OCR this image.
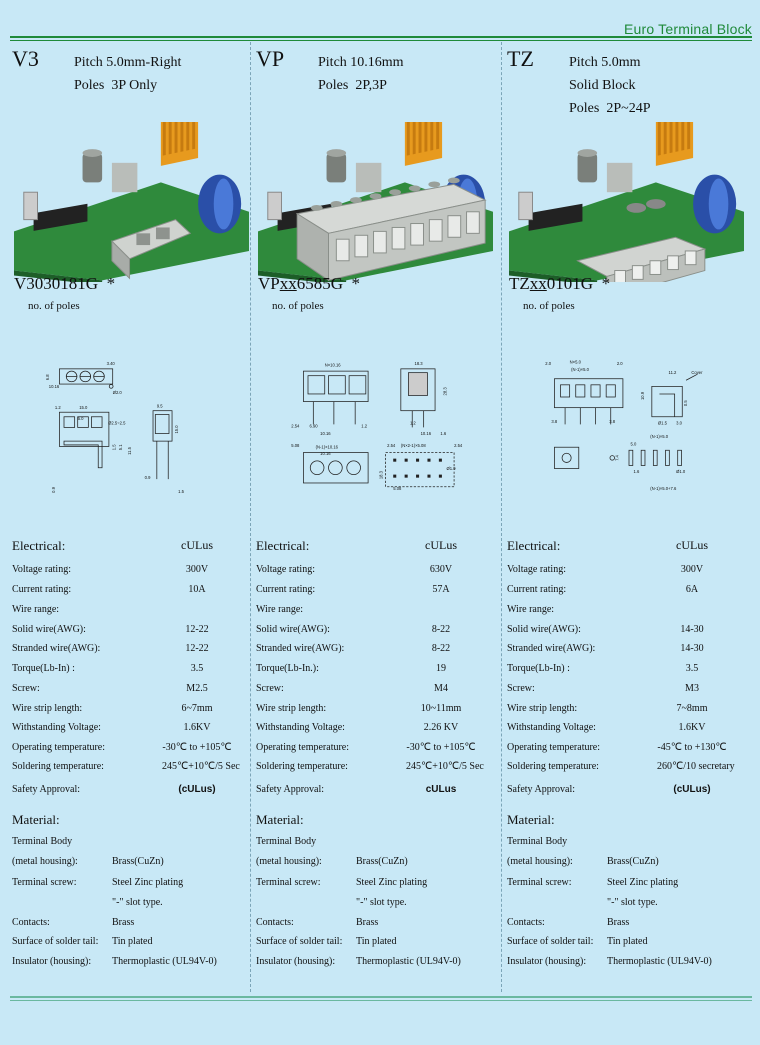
Euro Terminal Block
V3	Pitch 5.0mm-Right
Poles  3P Only
V3030181G *
no. of poles
3.40
6.8
10.16
Ø2.0
15.0
1.2
5.0
Ø2.5~2.5
1.5 5.1 11.5
9.5
15.0
0.9
1.5
0.9
Electrical:	cULus
Voltage rating:	300V
Current rating:	10A
Wire range:
Solid wire(AWG):	12-22
Stranded wire(AWG):	12-22
Torque(Lb-In) :	3.5
Screw:	M2.5
Wire strip length:	6~7mm
Withstanding Voltage:	1.6KV
Operating temperature:	-30℃ to +105℃
Soldering temperature:	245℃+10℃/5 Sec
Safety Approval:	(cULus)
Material:
Terminal Body
(metal housing):	Brass(CuZn)
Terminal screw:	Steel Zinc plating
"-" slot type.
Contacts:	Brass
Surface of solder tail: Tin plated
Insulator (housing): Thermoplastic (UL94V-0)
VP Pitch 10.16mm
Poles  2P,3P
VPxx6585G *
no. of poles
N×10.16	18.3
2.54 6.90
10.16
1.2
28.3
1.2
10.16 1.6
5.08	(N-1)×10.16
10.16
2.54 (N×2-1)×5.08	2.54
5.08
18.3
Ø1.9
Electrical:	cULus
Voltage rating:	630V
Current rating:	57A
Wire range:
Solid wire(AWG):	8-22
Stranded wire(AWG):	8-22
Torque(Lb-In.):	19
Screw:	M4
Wire strip length:	10~11mm
Withstanding Voltage:	2.26 KV
Operating temperature:	-30℃ to +105℃
Soldering temperature:	245℃+10℃/5 Sec
Safety Approval:	cULus
Material:
Terminal Body
(metal housing):	Brass(CuZn)
Terminal screw:	Steel Zinc plating
"-" slot type.
Contacts:	Brass
Surface of solder tail: Tin plated
Insulator (housing): Thermoplastic (UL94V-0)
TZ	Pitch 5.0mm
Solid Block
Poles  2P~24P
TZxx0101G *
no. of poles
2.0	N×5.0	2.0
(N-1)×5.0
11.2	Cover
10.9
0.5
3.8	3.8	Ø1.5 3.0
(N-1)×5.0
5.0
7.4
1.6	Ø1.0
(N-1)×5.0+7.6
Electrical:	cULus
Voltage rating:	300V
Current rating:	6A
Wire range:
Solid wire(AWG):	14-30
Stranded wire(AWG):	14-30
Torque(Lb-In) :	3.5
Screw:	M3
Wire strip length:	7~8mm
Withstanding Voltage:	1.6KV
Operating temperature:	-45℃ to +130℃
Soldering temperature:	260℃/10 secretary
Safety Approval:	(cULus)
Material:
Terminal Body
(metal housing):	Brass(CuZn)
Terminal screw:	Steel Zinc plating
"-" slot type.
Contacts:	Brass
Surface of solder tail: Tin plated
Insulator (housing): Thermoplastic (UL94V-0)
